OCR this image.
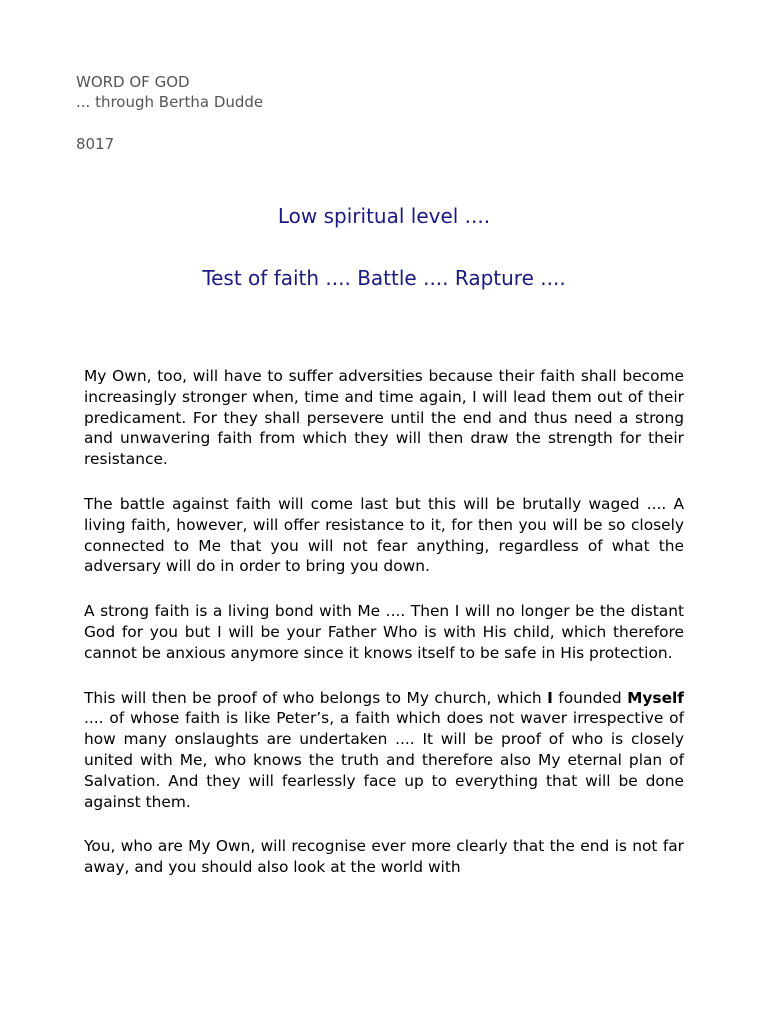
WORD OF GOD
... through Bertha Dudde
8017
Low spiritual level ....
Test of faith .... Battle .... Rapture ....

My Own, too, will have to suffer adversities because their faith shall become increasingly stronger when, time and time again, I will lead them out of their predicament. For they shall persevere until the end and thus need a strong and unwavering faith from which they will then draw the strength for their resistance.

The battle against faith will come last but this will be brutally waged .... A living faith, however, will offer resistance to it, for then you will be so closely connected to Me that you will not fear anything, regardless of what the adversary will do in order to bring you down.

A strong faith is a living bond with Me .... Then I will no longer be the distant God for you but I will be your Father Who is with His child, which therefore cannot be anxious anymore since it knows itself to be safe in His protection.

This will then be proof of who belongs to My church, which I founded Myself .... of whose faith is like Peter’s, a faith which does not waver irrespective of how many onslaughts are undertaken .... It will be proof of who is closely united with Me, who knows the truth and therefore also My eternal plan of Salvation. And they will fearlessly face up to everything that will be done against them.

You, who are My Own, will recognise ever more clearly that the end is not far away, and you should also look at the world with
